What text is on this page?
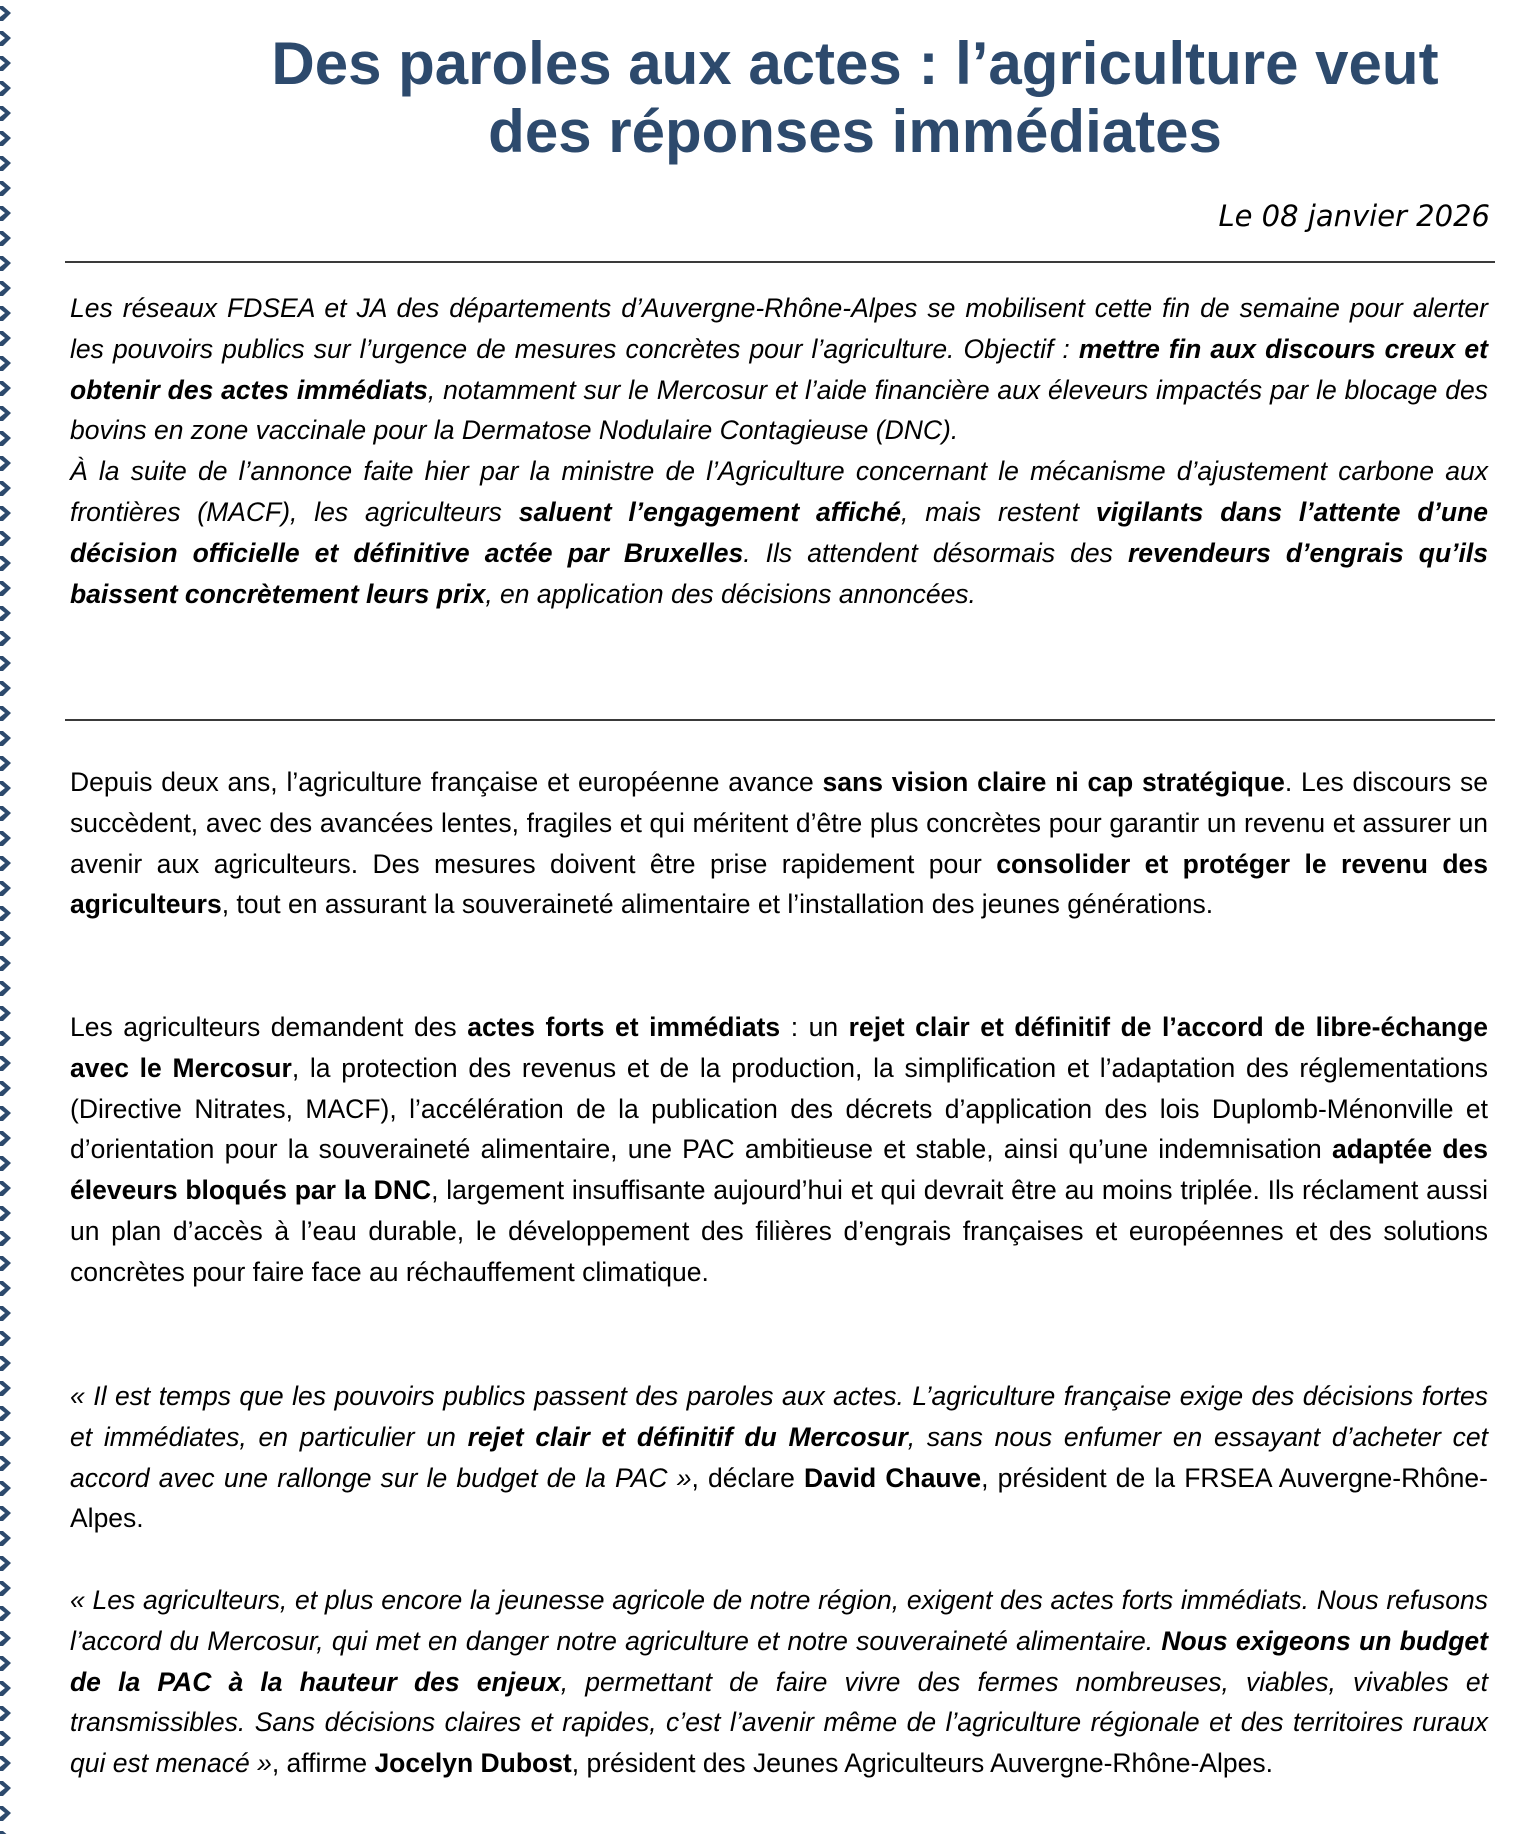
Des paroles aux actes : l’agriculture veut des réponses immédiates
Le 08 janvier 2026

Les réseaux FDSEA et JA des départements d’Auvergne-Rhône-Alpes se mobilisent cette fin de semaine pour alerter les pouvoirs publics sur l’urgence de mesures concrètes pour l’agriculture. Objectif : mettre fin aux discours creux et obtenir des actes immédiats, notamment sur le Mercosur et l’aide financière aux éleveurs impactés par le blocage des bovins en zone vaccinale pour la Dermatose Nodulaire Contagieuse (DNC).
À la suite de l’annonce faite hier par la ministre de l’Agriculture concernant le mécanisme d’ajustement carbone aux frontières (MACF), les agriculteurs saluent l’engagement affiché, mais restent vigilants dans l’attente d’une décision officielle et définitive actée par Bruxelles. Ils attendent désormais des revendeurs d’engrais qu’ils baissent concrètement leurs prix, en application des décisions annoncées.

Depuis deux ans, l’agriculture française et européenne avance sans vision claire ni cap stratégique. Les discours se succèdent, avec des avancées lentes, fragiles et qui méritent d’être plus concrètes pour garantir un revenu et assurer un avenir aux agriculteurs. Des mesures doivent être prise rapidement pour consolider et protéger le revenu des agriculteurs, tout en assurant la souveraineté alimentaire et l’installation des jeunes générations.

Les agriculteurs demandent des actes forts et immédiats : un rejet clair et définitif de l’accord de libre-échange avec le Mercosur, la protection des revenus et de la production, la simplification et l’adaptation des réglementations (Directive Nitrates, MACF), l’accélération de la publication des décrets d’application des lois Duplomb-Ménonville et d’orientation pour la souveraineté alimentaire, une PAC ambitieuse et stable, ainsi qu’une indemnisation adaptée des éleveurs bloqués par la DNC, largement insuffisante aujourd’hui et qui devrait être au moins triplée. Ils réclament aussi un plan d’accès à l’eau durable, le développement des filières d’engrais françaises et européennes et des solutions concrètes pour faire face au réchauffement climatique.

« Il est temps que les pouvoirs publics passent des paroles aux actes. L’agriculture française exige des décisions fortes et immédiates, en particulier un rejet clair et définitif du Mercosur, sans nous enfumer en essayant d’acheter cet accord avec une rallonge sur le budget de la PAC », déclare David Chauve, président de la FRSEA Auvergne-Rhône-Alpes.

« Les agriculteurs, et plus encore la jeunesse agricole de notre région, exigent des actes forts immédiats. Nous refusons l’accord du Mercosur, qui met en danger notre agriculture et notre souveraineté alimentaire. Nous exigeons un budget de la PAC à la hauteur des enjeux, permettant de faire vivre des fermes nombreuses, viables, vivables et transmissibles. Sans décisions claires et rapides, c’est l’avenir même de l’agriculture régionale et des territoires ruraux qui est menacé », affirme Jocelyn Dubost, président des Jeunes Agriculteurs Auvergne-Rhône-Alpes.
